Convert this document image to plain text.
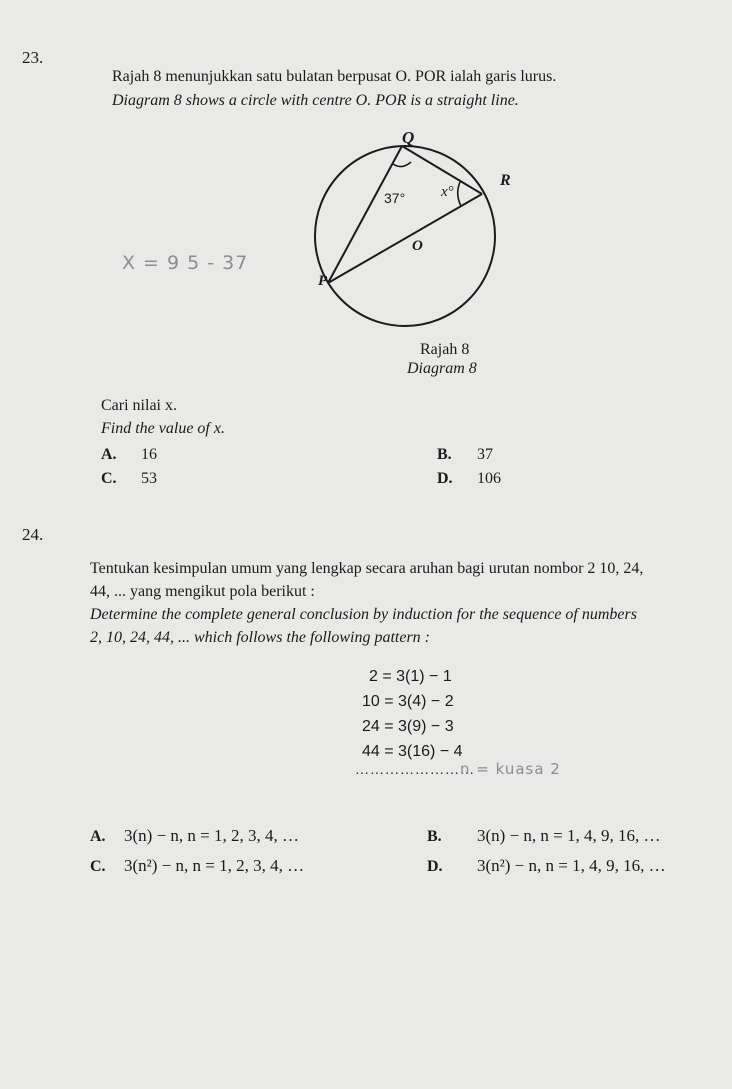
23.
Rajah 8 menunjukkan satu bulatan berpusat O. POR ialah garis lurus.
Diagram 8 shows a circle with centre O. POR is a straight line.
Q
R
O
P
37° x°
X = 9 5 - 37
Rajah 8
Diagram 8
Cari nilai x.
Find the value of x.
A. 16	B. 37
C. 53	D. 106
24.
Tentukan kesimpulan umum yang lengkap secara aruhan bagi urutan nombor 2 10, 24,
44, ... yang mengikut pola berikut :
Determine the complete general conclusion by induction for the sequence of numbers
2, 10, 24, 44, ... which follows the following pattern :
2 = 3(1) − 1
10 = 3(4) − 2
24 = 3(9) − 3
44 = 3(16) − 4
……………………
n = kuasa 2
A. 3(n) − n, n = 1, 2, 3, 4, …	B. 3(n) − n, n = 1, 4, 9, 16, …
C. 3(n²) − n, n = 1, 2, 3, 4, …	D. 3(n²) − n, n = 1, 4, 9, 16, …
